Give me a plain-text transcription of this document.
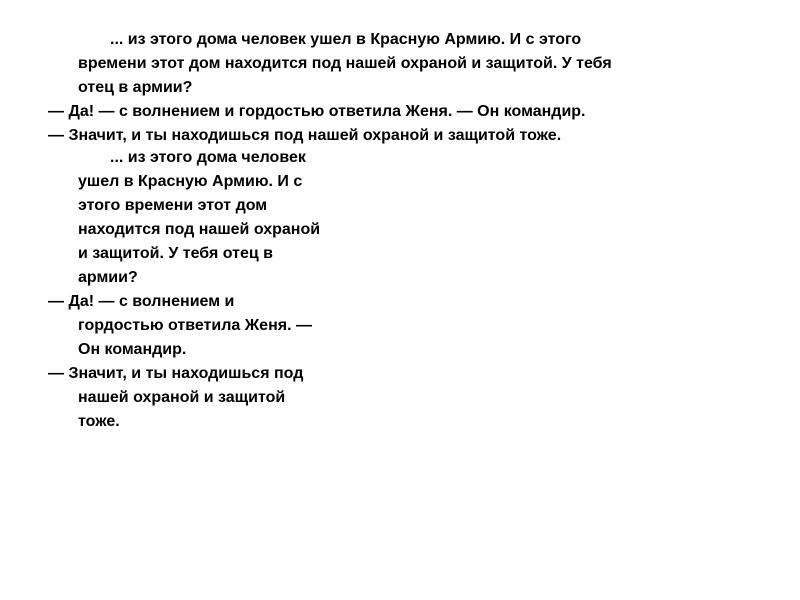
... из этого дома человек ушел в Красную Армию. И с этого

времени этот дом находится под нашей охраной и защитой. У тебя

отец в армии?

— Да! — с волнением и гордостью ответила Женя. — Он командир.

— Значит, и ты находишься под нашей охраной и защитой тоже.

... из этого дома человек

ушел в Красную Армию. И с

этого времени этот дом

находится под нашей охраной

и защитой. У тебя отец в

армии?

— Да! — с волнением и

гордостью ответила Женя. —

Он командир.

— Значит, и ты находишься под

нашей охраной и защитой

тоже.
